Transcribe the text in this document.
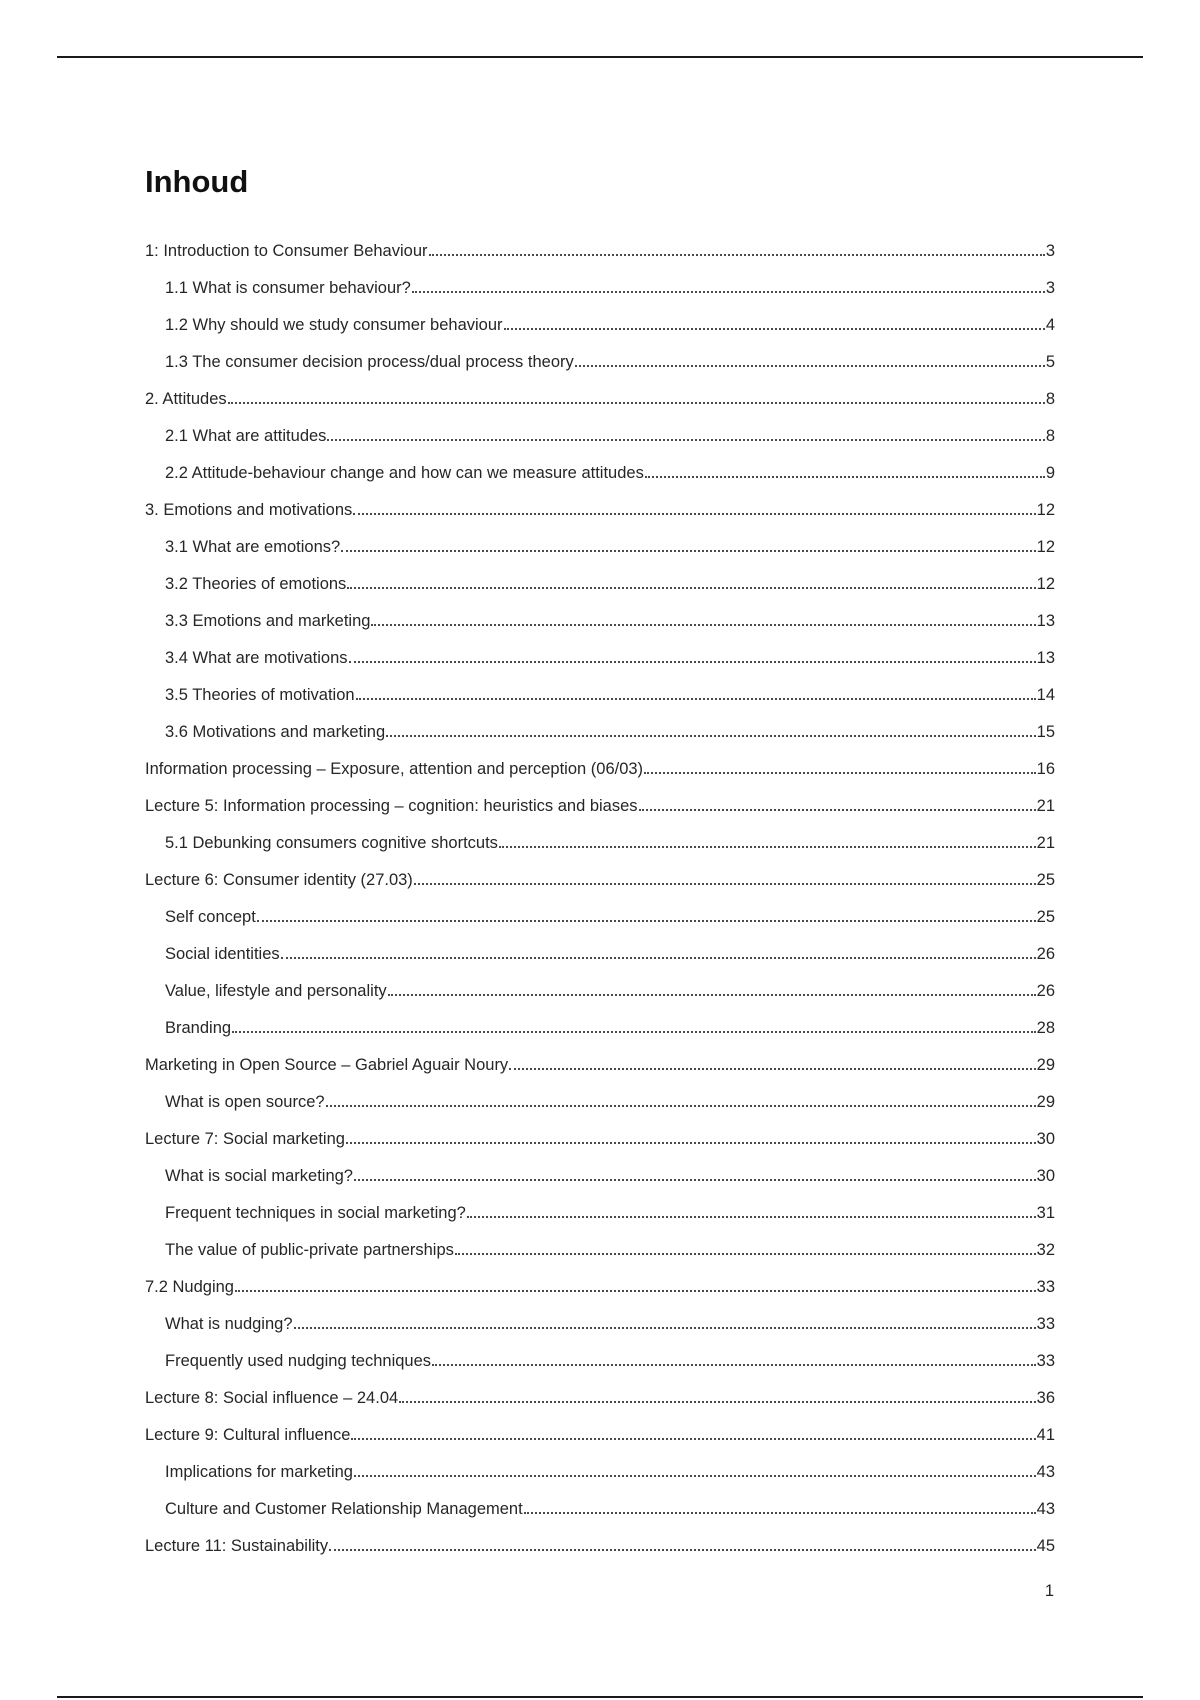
Inhoud
1: Introduction to Consumer Behaviour	3
1.1 What is consumer behaviour?	3
1.2 Why should we study consumer behaviour	4
1.3 The consumer decision process/dual process theory	5
2. Attitudes	8
2.1 What are attitudes	8
2.2 Attitude-behaviour change and how can we measure attitudes	9
3. Emotions and motivations	12
3.1 What are emotions?	12
3.2 Theories of emotions	12
3.3 Emotions and marketing	13
3.4 What are motivations	13
3.5 Theories of motivation	14
3.6 Motivations and marketing	15
Information processing – Exposure, attention and perception (06/03)	16
Lecture 5: Information processing – cognition: heuristics and biases	21
5.1 Debunking consumers cognitive shortcuts	21
Lecture 6: Consumer identity (27.03)	25
Self concept	25
Social identities	26
Value, lifestyle and personality	26
Branding	28
Marketing in Open Source – Gabriel Aguair Noury	29
What is open source?	29
Lecture 7: Social marketing	30
What is social marketing?	30
Frequent techniques in social marketing?	31
The value of public-private partnerships	32
7.2 Nudging	33
What is nudging?	33
Frequently used nudging techniques	33
Lecture 8: Social influence – 24.04	36
Lecture 9: Cultural influence	41
Implications for marketing	43
Culture and Customer Relationship Management	43
Lecture 11: Sustainability	45
1
